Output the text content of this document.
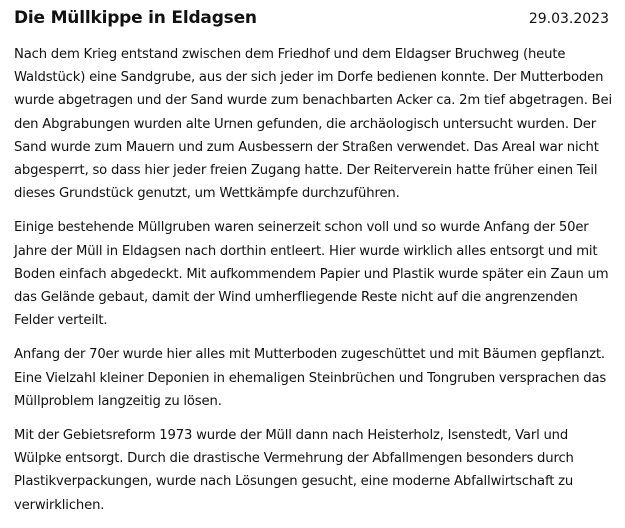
Die Müllkippe in Eldagsen	29.03.2023

Nach dem Krieg entstand zwischen dem Friedhof und dem Eldagser Bruchweg (heute
Waldstück) eine Sandgrube, aus der sich jeder im Dorfe bedienen konnte. Der Mutterboden
wurde abgetragen und der Sand wurde zum benachbarten Acker ca. 2m tief abgetragen. Bei
den Abgrabungen wurden alte Urnen gefunden, die archäologisch untersucht wurden. Der
Sand wurde zum Mauern und zum Ausbessern der Straßen verwendet. Das Areal war nicht
abgesperrt, so dass hier jeder freien Zugang hatte. Der Reiterverein hatte früher einen Teil
dieses Grundstück genutzt, um Wettkämpfe durchzuführen.

Einige bestehende Müllgruben waren seinerzeit schon voll und so wurde Anfang der 50er
Jahre der Müll in Eldagsen nach dorthin entleert. Hier wurde wirklich alles entsorgt und mit
Boden einfach abgedeckt. Mit aufkommendem Papier und Plastik wurde später ein Zaun um
das Gelände gebaut, damit der Wind umherfliegende Reste nicht auf die angrenzenden
Felder verteilt.

Anfang der 70er wurde hier alles mit Mutterboden zugeschüttet und mit Bäumen gepflanzt.
Eine Vielzahl kleiner Deponien in ehemaligen Steinbrüchen und Tongruben versprachen das
Müllproblem langzeitig zu lösen.

Mit der Gebietsreform 1973 wurde der Müll dann nach Heisterholz, Isenstedt, Varl und
Wülpke entsorgt. Durch die drastische Vermehrung der Abfallmengen besonders durch
Plastikverpackungen, wurde nach Lösungen gesucht, eine moderne Abfallwirtschaft zu
verwirklichen.
